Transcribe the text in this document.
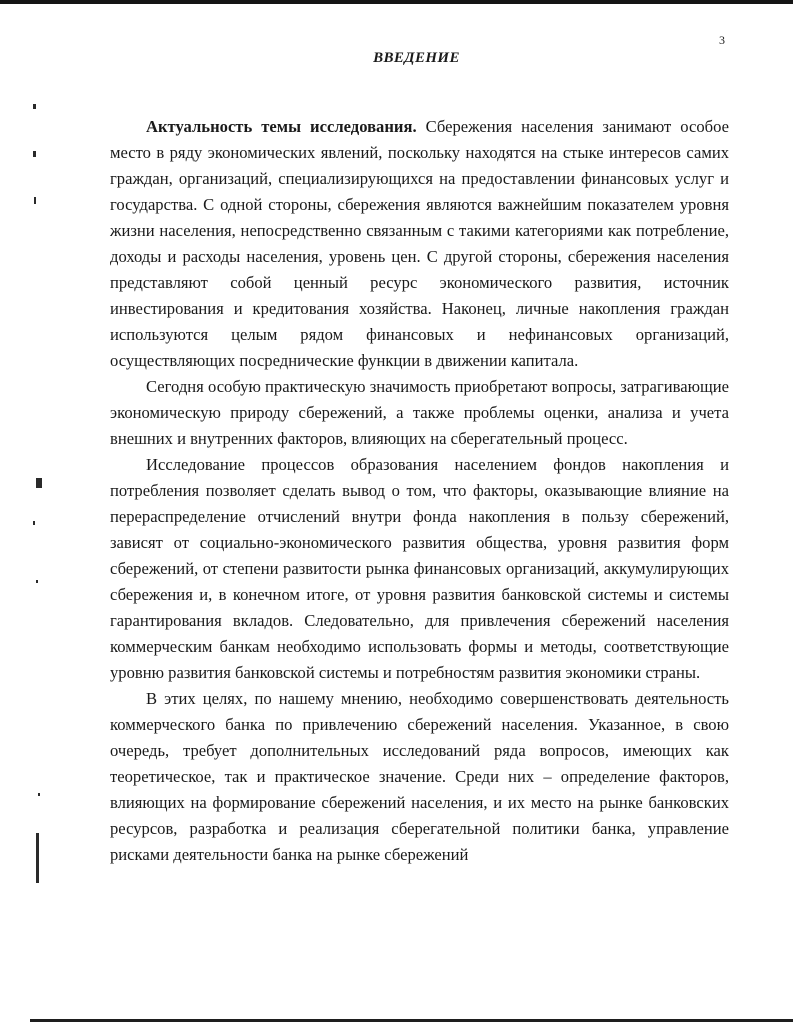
3
ВВЕДЕНИЕ

Актуальность темы исследования. Сбережения населения занимают особое место в ряду экономических явлений, поскольку находятся на стыке интересов самих граждан, организаций, специализирующихся на предоставлении финансовых услуг и государства. С одной стороны, сбережения являются важнейшим показателем уровня жизни населения, непосредственно связанным с такими категориями как потребление, доходы и расходы населения, уровень цен. С другой стороны, сбережения населения представляют собой ценный ресурс экономического развития, источник инвестирования и кредитования хозяйства. Наконец, личные накопления граждан используются целым рядом финансовых и нефинансовых организаций, осуществляющих посреднические функции в движении капитала.

Сегодня особую практическую значимость приобретают вопросы, затрагивающие экономическую природу сбережений, а также проблемы оценки, анализа и учета внешних и внутренних факторов, влияющих на сберегательный процесс.

Исследование процессов образования населением фондов накопления и потребления позволяет сделать вывод о том, что факторы, оказывающие влияние на перераспределение отчислений внутри фонда накопления в пользу сбережений, зависят от социально-экономического развития общества, уровня развития форм сбережений, от степени развитости рынка финансовых организаций, аккумулирующих сбережения и, в конечном итоге, от уровня развития банковской системы и системы гарантирования вкладов. Следовательно, для привлечения сбережений населения коммерческим банкам необходимо использовать формы и методы, соответствующие уровню развития банковской системы и потребностям развития экономики страны.

В этих целях, по нашему мнению, необходимо совершенствовать деятельность коммерческого банка по привлечению сбережений населения. Указанное, в свою очередь, требует дополнительных исследований ряда вопросов, имеющих как теоретическое, так и практическое значение. Среди них – определение факторов, влияющих на формирование сбережений населения, и их место на рынке банковских ресурсов, разработка и реализация сберегательной политики банка, управление рисками деятельности банка на рынке сбережений
